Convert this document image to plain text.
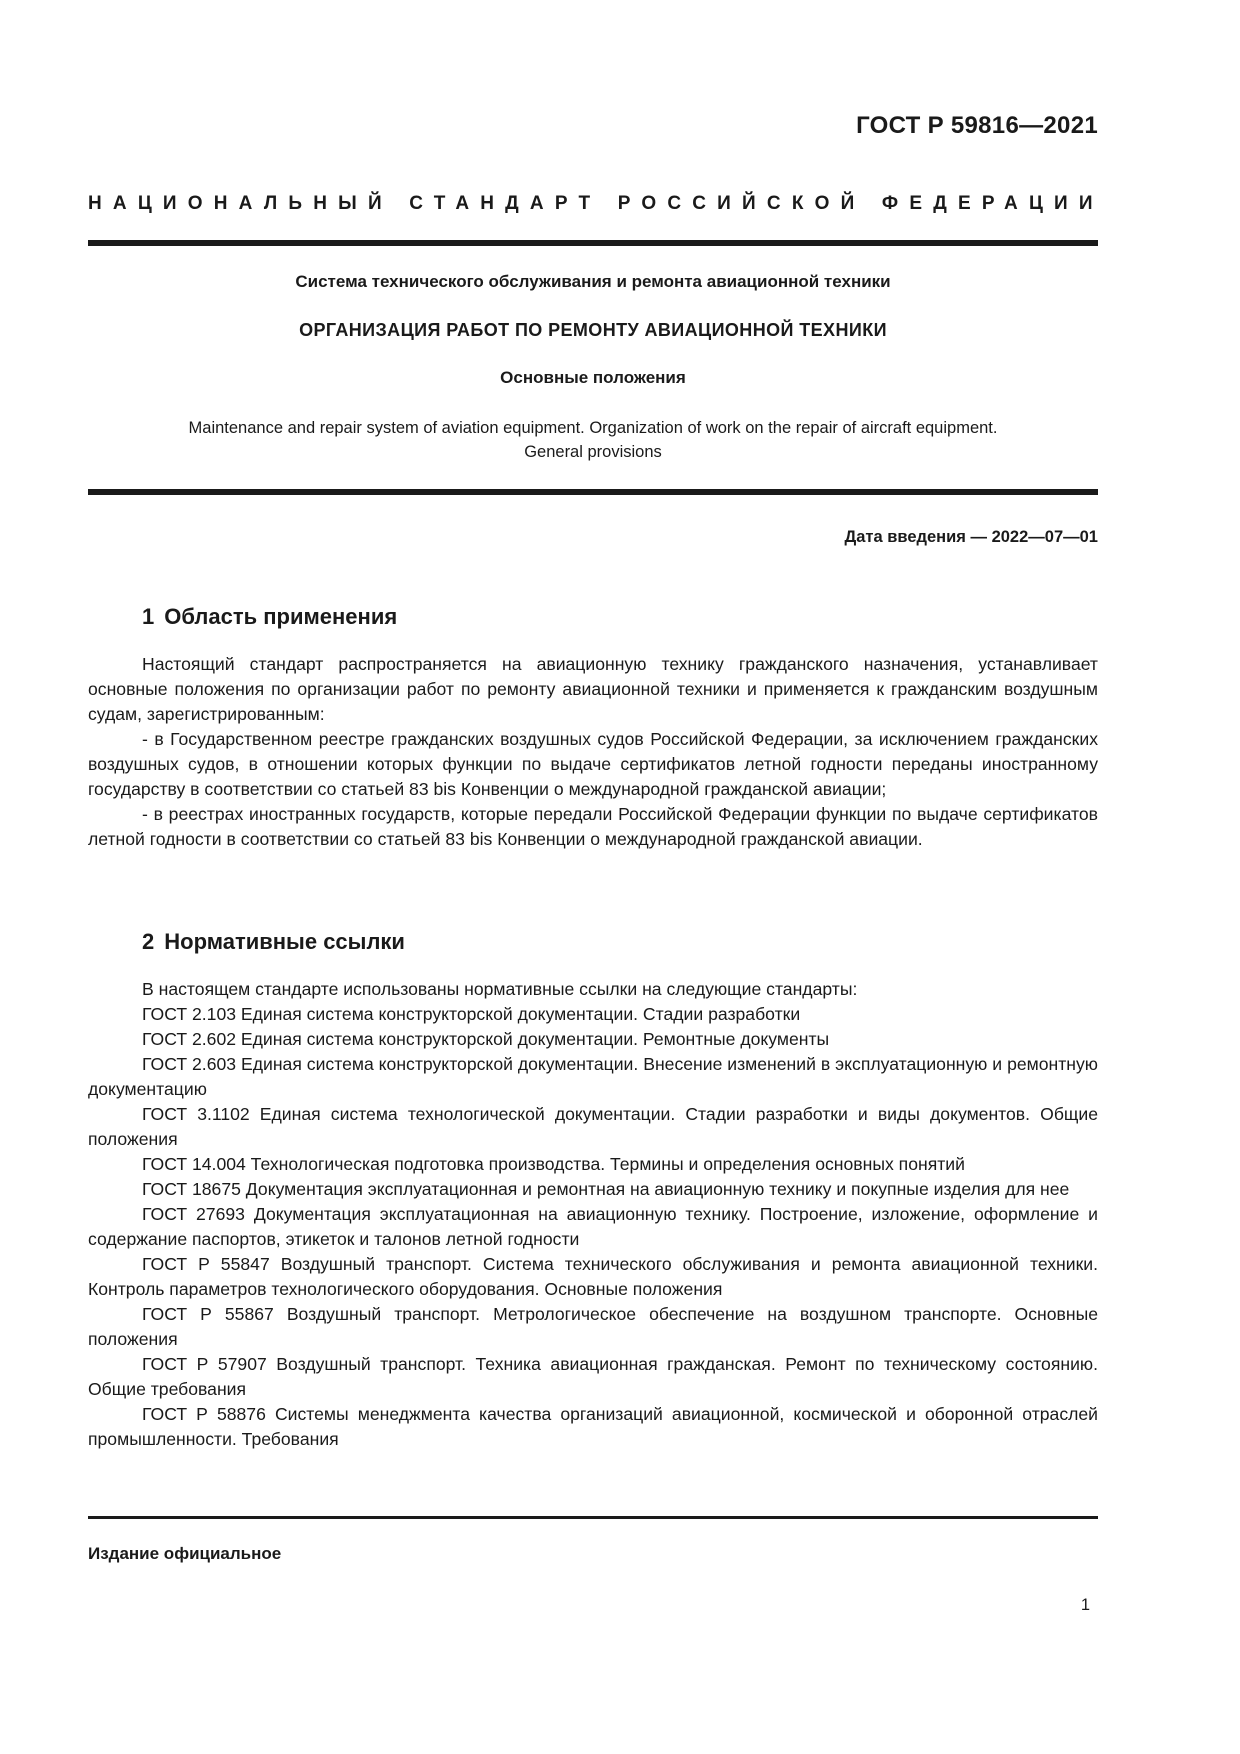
ГОСТ Р 59816—2021
НАЦИОНАЛЬНЫЙ СТАНДАРТ РОССИЙСКОЙ ФЕДЕРАЦИИ
Система технического обслуживания и ремонта авиационной техники
ОРГАНИЗАЦИЯ РАБОТ ПО РЕМОНТУ АВИАЦИОННОЙ ТЕХНИКИ
Основные положения
Maintenance and repair system of aviation equipment. Organization of work on the repair of aircraft equipment.
General provisions
Дата введения — 2022—07—01
1 Область применения

Настоящий стандарт распространяется на авиационную технику гражданского назначения, устанавливает основные положения по организации работ по ремонту авиационной техники и применяется к гражданским воздушным судам, зарегистрированным:

- в Государственном реестре гражданских воздушных судов Российской Федерации, за исключением гражданских воздушных судов, в отношении которых функции по выдаче сертификатов летной годности переданы иностранному государству в соответствии со статьей 83 bis Конвенции о международной гражданской авиации;

- в реестрах иностранных государств, которые передали Российской Федерации функции по выдаче сертификатов летной годности в соответствии со статьей 83 bis Конвенции о международной гражданской авиации.

2 Нормативные ссылки

В настоящем стандарте использованы нормативные ссылки на следующие стандарты:

ГОСТ 2.103 Единая система конструкторской документации. Стадии разработки

ГОСТ 2.602 Единая система конструкторской документации. Ремонтные документы

ГОСТ 2.603 Единая система конструкторской документации. Внесение изменений в эксплуатационную и ремонтную документацию

ГОСТ 3.1102 Единая система технологической документации. Стадии разработки и виды документов. Общие положения

ГОСТ 14.004 Технологическая подготовка производства. Термины и определения основных понятий

ГОСТ 18675 Документация эксплуатационная и ремонтная на авиационную технику и покупные изделия для нее

ГОСТ 27693 Документация эксплуатационная на авиационную технику. Построение, изложение, оформление и содержание паспортов, этикеток и талонов летной годности

ГОСТ Р 55847 Воздушный транспорт. Система технического обслуживания и ремонта авиационной техники. Контроль параметров технологического оборудования. Основные положения

ГОСТ Р 55867 Воздушный транспорт. Метрологическое обеспечение на воздушном транспорте. Основные положения

ГОСТ Р 57907 Воздушный транспорт. Техника авиационная гражданская. Ремонт по техническому состоянию. Общие требования

ГОСТ Р 58876 Системы менеджмента качества организаций авиационной, космической и оборонной отраслей промышленности. Требования

Издание официальное
1
